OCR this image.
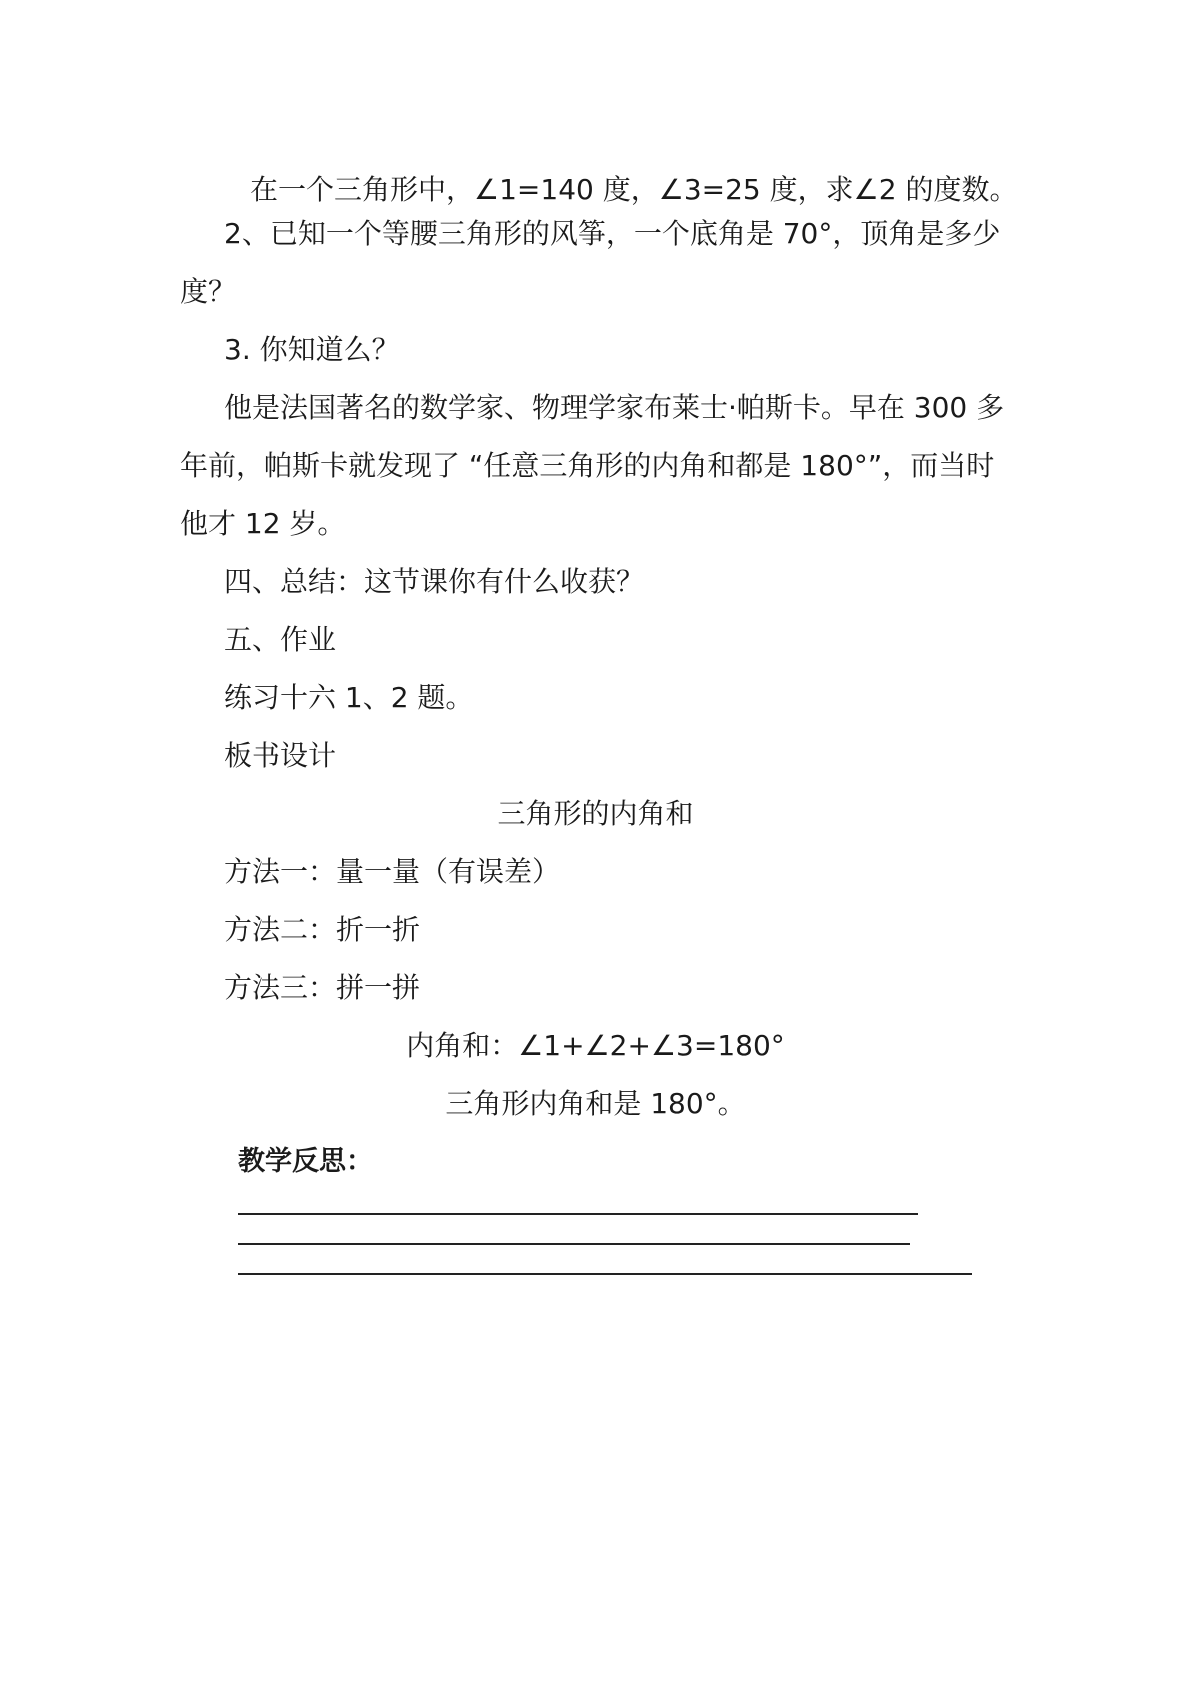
在一个三角形中，∠1=140 度，∠3=25 度，求∠2 的度数。
2、已知一个等腰三角形的风筝，一个底角是 70°，顶角是多少
度？
3. 你知道么？
他是法国著名的数学家、物理学家布莱士·帕斯卡。早在 300 多
年前，帕斯卡就发现了 “任意三角形的内角和都是 180°”，而当时
他才 12 岁。
四、总结：这节课你有什么收获？
五、作业
练习十六 1、2 题。
板书设计
三角形的内角和
方法一：量一量（有误差）
方法二：折一折
方法三：拼一拼
内角和：∠1+∠2+∠3=180°
三角形内角和是 180°。
教学反思：
